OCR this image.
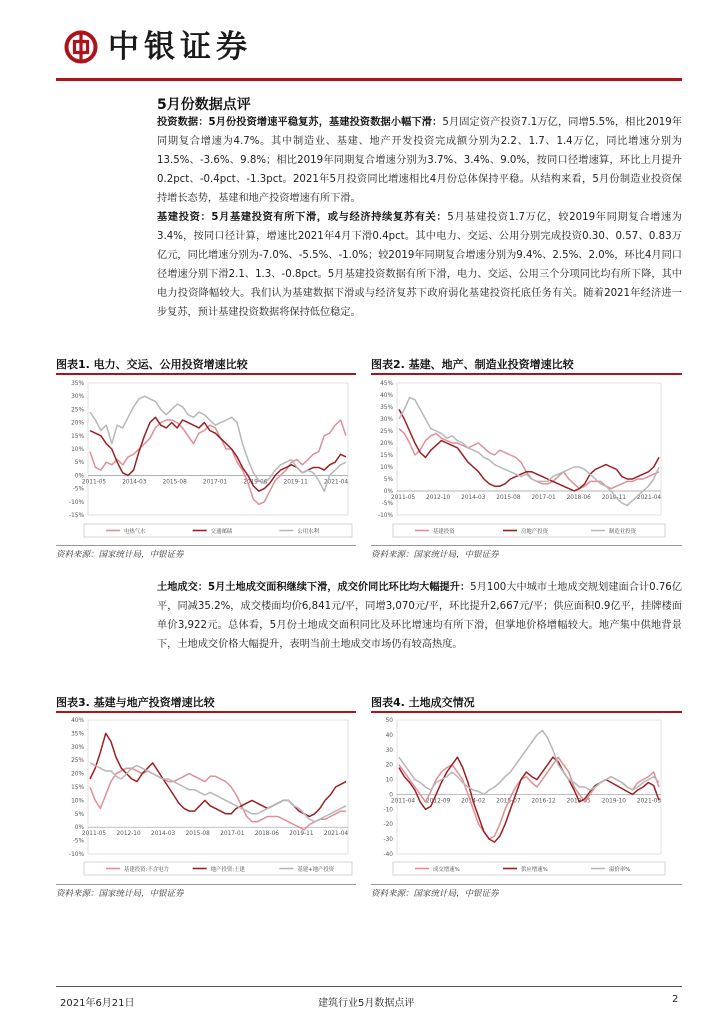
中银证券
5月份数据点评

投资数据：5月份投资增速平稳复苏，基建投资数据小幅下滑：5月固定资产投资7.1万亿，同增5.5%，相比2019年同期复合增速为4.7%。其中制造业、基建、地产开发投资完成额分别为2.2、1.7、1.4万亿，同比增速分别为13.5%、-3.6%、9.8%；相比2019年同期复合增速分别为3.7%、3.4%、9.0%，按同口径增速算，环比上月提升0.2pct、-0.4pct、-1.3pct。2021年5月投资同比增速相比4月份总体保持平稳。从结构来看，5月份制造业投资保持增长态势，基建和地产投资增速有所下滑。

基建投资：5月基建投资有所下滑，或与经济持续复苏有关：5月基建投资1.7万亿，较2019年同期复合增速为3.4%，按同口径计算，增速比2021年4月下滑0.4pct。其中电力、交运、公用分别完成投资0.30、0.57、0.83万亿元，同比增速分别为-7.0%、-5.5%、-1.0%；较2019年同期复合增速分别为9.4%、2.5%、2.0%，环比4月同口径增速分别下滑2.1、1.3、-0.8pct。5月基建投资数据有所下滑，电力、交运、公用三个分项同比均有所下降，其中电力投资降幅较大。我们认为基建数据下滑或与经济复苏下政府弱化基建投资托底任务有关。随着2021年经济进一步复苏，预计基建投资数据将保持低位稳定。

图表1. 电力、交运、公用投资增速比较
35%
30%
25%
20%
15%
10%
5%
0%
-5%
-10%
-15%
2011-05	2014-03	2015-08	2017-01	2019-06	2019-11	2021-04
电热气水	交通邮储	公用水利
资料来源：国家统计局，中银证券
图表2. 基建、地产、制造业投资增速比较
45%
40%
35%
30%
25%
20%
15%
10%
5%
0%
-5%
-10%
2011-05 2012-10 2014-03 2015-08 2017-01 2018-06 2019-11 2021-04
基建投资	房地产投资	制造业投资
资料来源：国家统计局，中银证券

土地成交：5月土地成交面积继续下滑，成交价同比环比均大幅提升：5月100大中城市土地成交规划建面合计0.76亿平，同减35.2%，成交楼面均价6,841元/平，同增3,070元/平，环比提升2,667元/平；供应面积0.9亿平，挂牌楼面单价3,922元。总体看，5月份土地成交面积同比及环比增速均有所下滑，但掌地价格增幅较大。地产集中供地背景下，土地成交价格大幅提升，表明当前土地成交市场仍有较高热度。

图表3. 基建与地产投资增速比较
40%
35%
30%
25%
20%
15%
10%
5%
0%
-5%
-10%
2011-05 2012-10 2014-03 2015-08 2017-01 2018-06 2019-11 2021-04
基建投资:不含电力	地产投资:土建	基建+地产投资
资料来源：国家统计局，中银证券
图表4. 土地成交情况
50
40
30
20
10
0
-10
-20
-30
-40
2011-04 2012-09 2014-02 2015-07 2016-12 2018-05 2019-10 2021-03
成交增速%	供应增速%	溢价率%
资料来源：国家统计局，中银证券
2021年6月21日	建筑行业5月数据点评	2
